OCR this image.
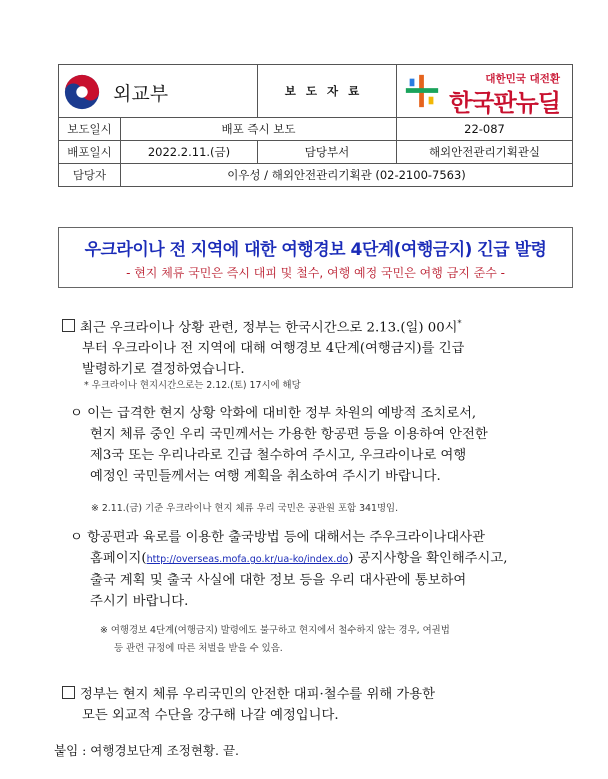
외교부		보도자료	대한민국 대전환
한국판뉴딜

보도일시	배포 즉시 보도		22-087
배포일시	2022.2.11.(금)	담당부서	해외안전관리기획관실
담당자	이우성 / 해외안전관리기획관 (02-2100-7563)		
우크라이나 전 지역에 대한 여행경보 4단계(여행금지) 긴급 발령
- 현지 체류 국민은 즉시 대피 및 철수, 여행 예정 국민은 여행 금지 준수 -
최근 우크라이나 상황 관련, 정부는 한국시간으로 2.13.(일) 00시*
부터 우크라이나 전 지역에 대해 여행경보 4단계(여행금지)를 긴급
발령하기로 결정하였습니다.
* 우크라이나 현지시간으로는 2.12.(토) 17시에 해당
ㅇ 이는 급격한 현지 상황 악화에 대비한 정부 차원의 예방적 조치로서,
현지 체류 중인 우리 국민께서는 가용한 항공편 등을 이용하여 안전한
제3국 또는 우리나라로 긴급 철수하여 주시고, 우크라이나로 여행
예정인 국민들께서는 여행 계획을 취소하여 주시기 바랍니다.
※ 2.11.(금) 기준 우크라이나 현지 체류 우리 국민은 공관원 포함 341명임.
ㅇ 항공편과 육로를 이용한 출국방법 등에 대해서는 주우크라이나대사관
홈페이지(http://overseas.mofa.go.kr/ua-ko/index.do) 공지사항을 확인해주시고,
출국 계획 및 출국 사실에 대한 정보 등을 우리 대사관에 통보하여
주시기 바랍니다.
※ 여행경보 4단계(여행금지) 발령에도 불구하고 현지에서 철수하지 않는 경우, 여권법
등 관련 규정에 따른 처벌을 받을 수 있음.
정부는 현지 체류 우리국민의 안전한 대피·철수를 위해 가용한
모든 외교적 수단을 강구해 나갈 예정입니다.
붙임 : 여행경보단계 조정현황. 끝.
